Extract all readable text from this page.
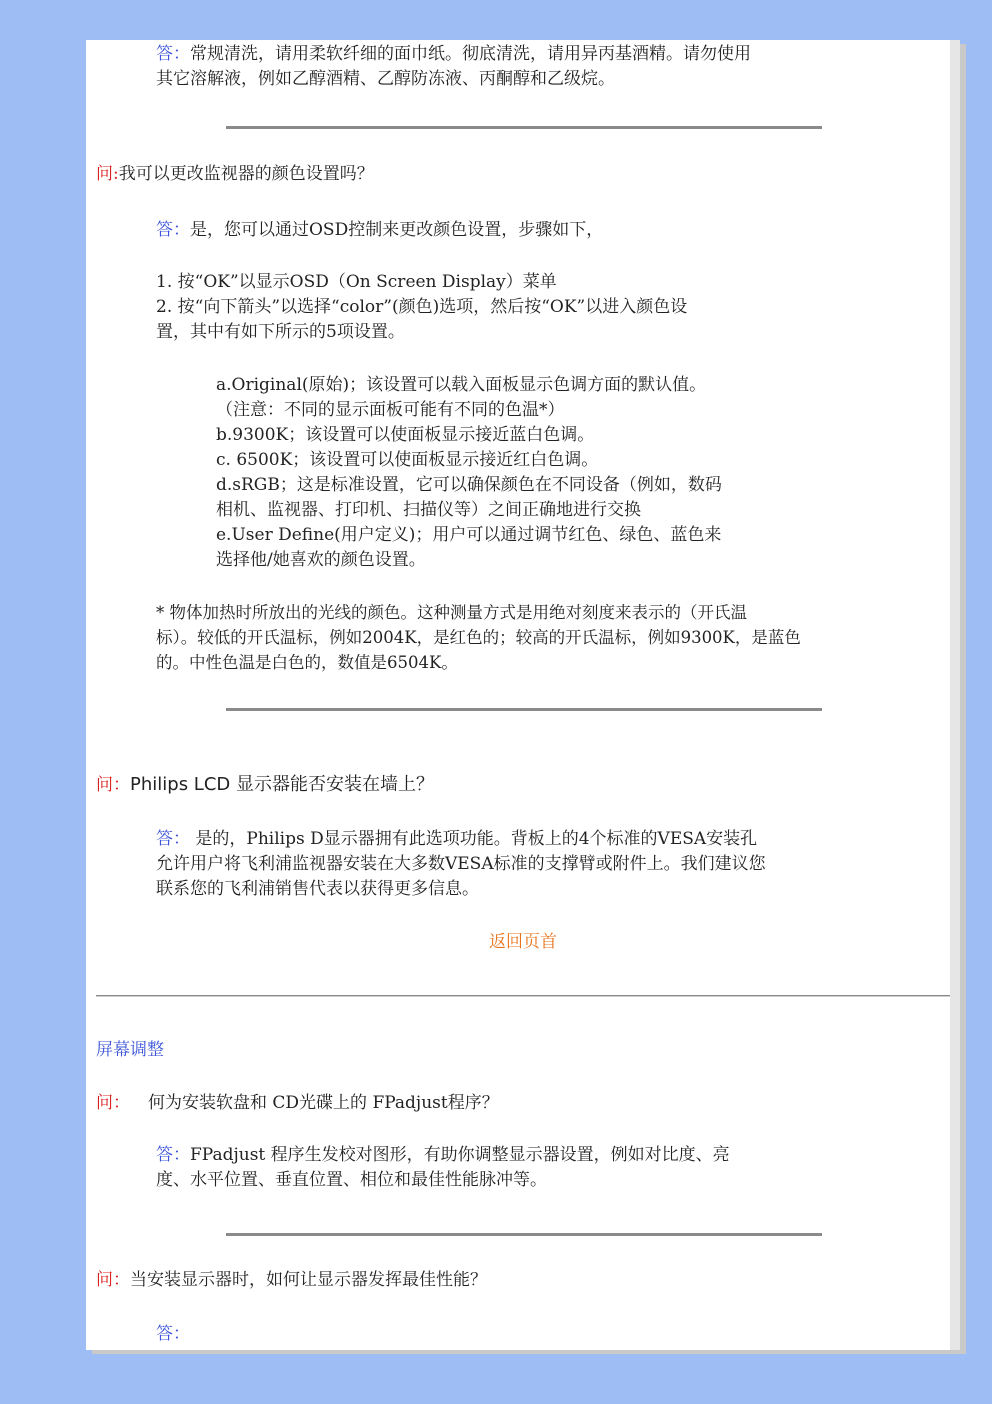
答：常规清洗，请用柔软纤细的面巾纸。彻底清洗，请用异丙基酒精。请勿使用
其它溶解液，例如乙醇酒精、乙醇防冻液、丙酮醇和乙级烷。
问:我可以更改监视器的颜色设置吗？
答：是，您可以通过OSD控制来更改颜色设置，步骤如下，
1. 按“OK”以显示OSD（On Screen Display）菜单
2. 按“向下箭头”以选择“color”(颜色)选项，然后按“OK”以进入颜色设
置，其中有如下所示的5项设置。
a.Original(原始)；该设置可以载入面板显示色调方面的默认值。
（注意：不同的显示面板可能有不同的色温*）
b.9300K；该设置可以使面板显示接近蓝白色调。
c. 6500K；该设置可以使面板显示接近红白色调。
d.sRGB；这是标准设置，它可以确保颜色在不同设备（例如，数码
相机、监视器、打印机、扫描仪等）之间正确地进行交换
e.User Define(用户定义)；用户可以通过调节红色、绿色、蓝色来
选择他/她喜欢的颜色设置。
* 物体加热时所放出的光线的颜色。这种测量方式是用绝对刻度来表示的（开氏温
标）。较低的开氏温标，例如2004K，是红色的；较高的开氏温标，例如9300K，是蓝色
的。中性色温是白色的，数值是6504K。
问：Philips LCD 显示器能否安装在墙上？
答： 是的，Philips D显示器拥有此选项功能。背板上的4个标准的VESA安装孔
允许用户将飞利浦监视器安装在大多数VESA标准的支撑臂或附件上。我们建议您
联系您的飞利浦销售代表以获得更多信息。
返回页首
屏幕调整
问： 何为安装软盘和 CD光碟上的 FPadjust程序？
答：FPadjust 程序生发校对图形，有助你调整显示器设置，例如对比度、亮
度、水平位置、垂直位置、相位和最佳性能脉冲等。
问：当安装显示器时，如何让显示器发挥最佳性能？
答：
